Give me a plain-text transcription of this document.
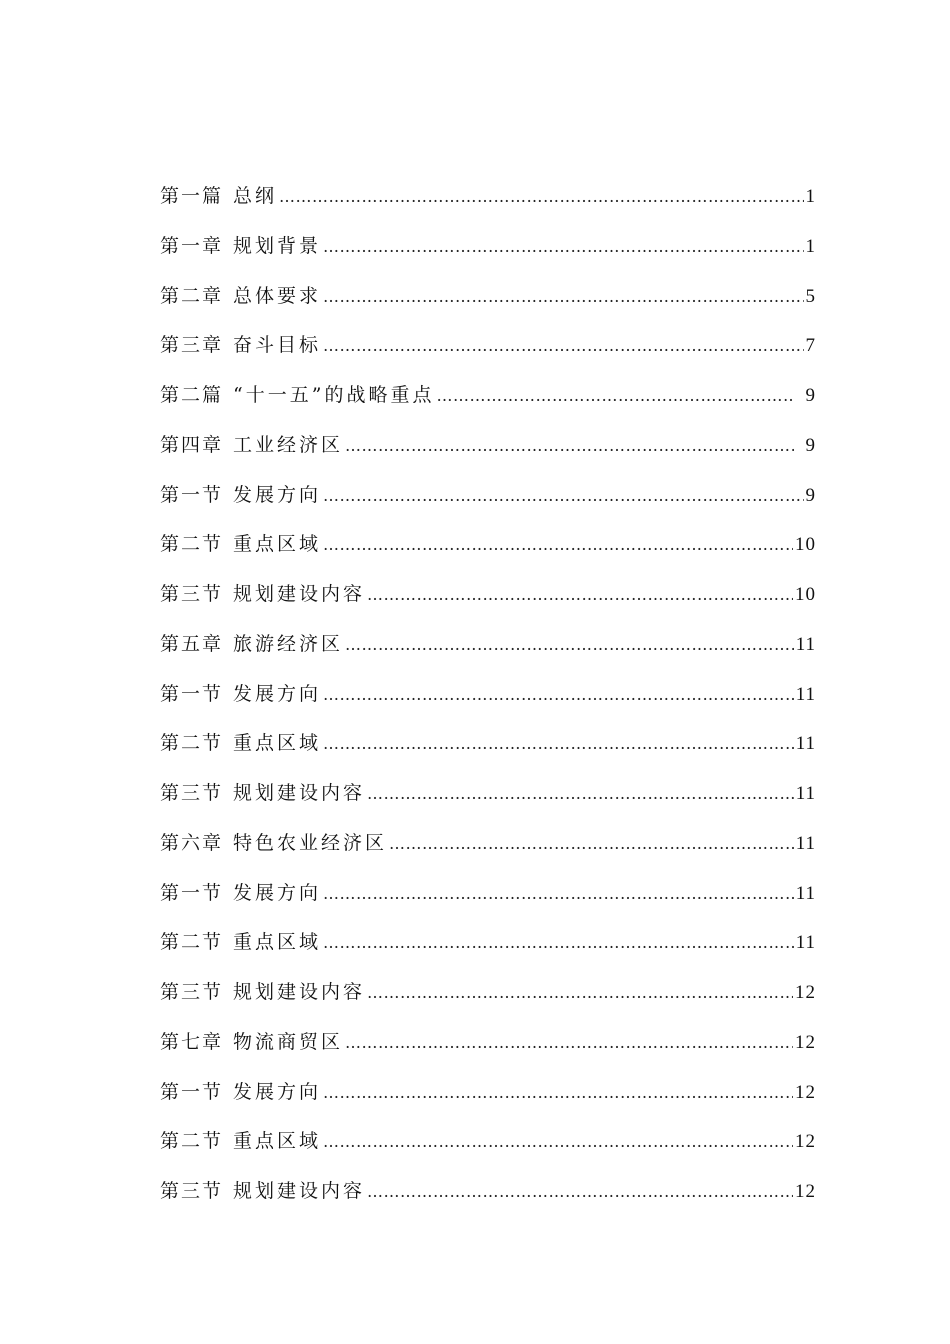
第一篇 总纲 ……………………………………………………………………………………………………………………………………………………	1
第一章 规划背景 ……………………………………………………………………………………………………………………………………………………	1
第二章 总体要求 ……………………………………………………………………………………………………………………………………………………	5
第三章 奋斗目标 ……………………………………………………………………………………………………………………………………………………	7
第二篇 “十一五”的战略重点 ……………………………………………………………………………………………………………………………………………………	9
第四章 工业经济区 ……………………………………………………………………………………………………………………………………………………	9
第一节 发展方向 ……………………………………………………………………………………………………………………………………………………	9
第二节 重点区域 ……………………………………………………………………………………………………………………………………………………	10
第三节 规划建设内容 ……………………………………………………………………………………………………………………………………………………	10
第五章 旅游经济区 ……………………………………………………………………………………………………………………………………………………	11
第一节 发展方向 ……………………………………………………………………………………………………………………………………………………	11
第二节 重点区域 ……………………………………………………………………………………………………………………………………………………	11
第三节 规划建设内容 ……………………………………………………………………………………………………………………………………………………	11
第六章 特色农业经济区 ……………………………………………………………………………………………………………………………………………………	11
第一节 发展方向 ……………………………………………………………………………………………………………………………………………………	11
第二节 重点区域 ……………………………………………………………………………………………………………………………………………………	11
第三节 规划建设内容 ……………………………………………………………………………………………………………………………………………………	12
第七章 物流商贸区 ……………………………………………………………………………………………………………………………………………………	12
第一节 发展方向 ……………………………………………………………………………………………………………………………………………………	12
第二节 重点区域 ……………………………………………………………………………………………………………………………………………………	12
第三节 规划建设内容 ……………………………………………………………………………………………………………………………………………………	12
